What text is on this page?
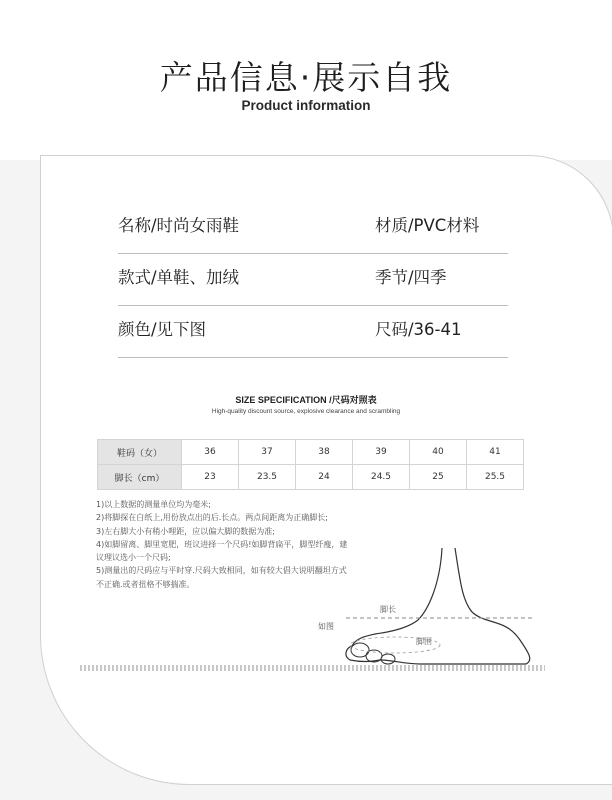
产品信息·展示自我
Product information
名称/时尚女雨鞋	材质/PVC材料
款式/单鞋、加绒	季节/四季
颜色/见下图	尺码/36-41
SIZE SPECIFICATION /尺码对照表
High-quality discount source, explosive clearance and scrambling
鞋码（女）	36	37	38	39	40	41
脚长（cm）	23	23.5	24	24.5	25	25.5
1)以上数据的测量单位均为毫米;
2)将脚探在白纸上,用份放点出的后.长点。两点间距离为正确脚长;
3)左右脚大小有稍小哩距，应以偏大脚的数据为准;
4)如脚留离、脚里宽肥，班议进择一个尺码!如脚背扁平，脚型纤瘦，建
议理议选小一个尺码;
5)测量出的尺码应与平时穿.尺码大致相同，如有较大倡大说明翻坦方式
不正确.或者扭格不够揣准。
脚长
脚围
如图
